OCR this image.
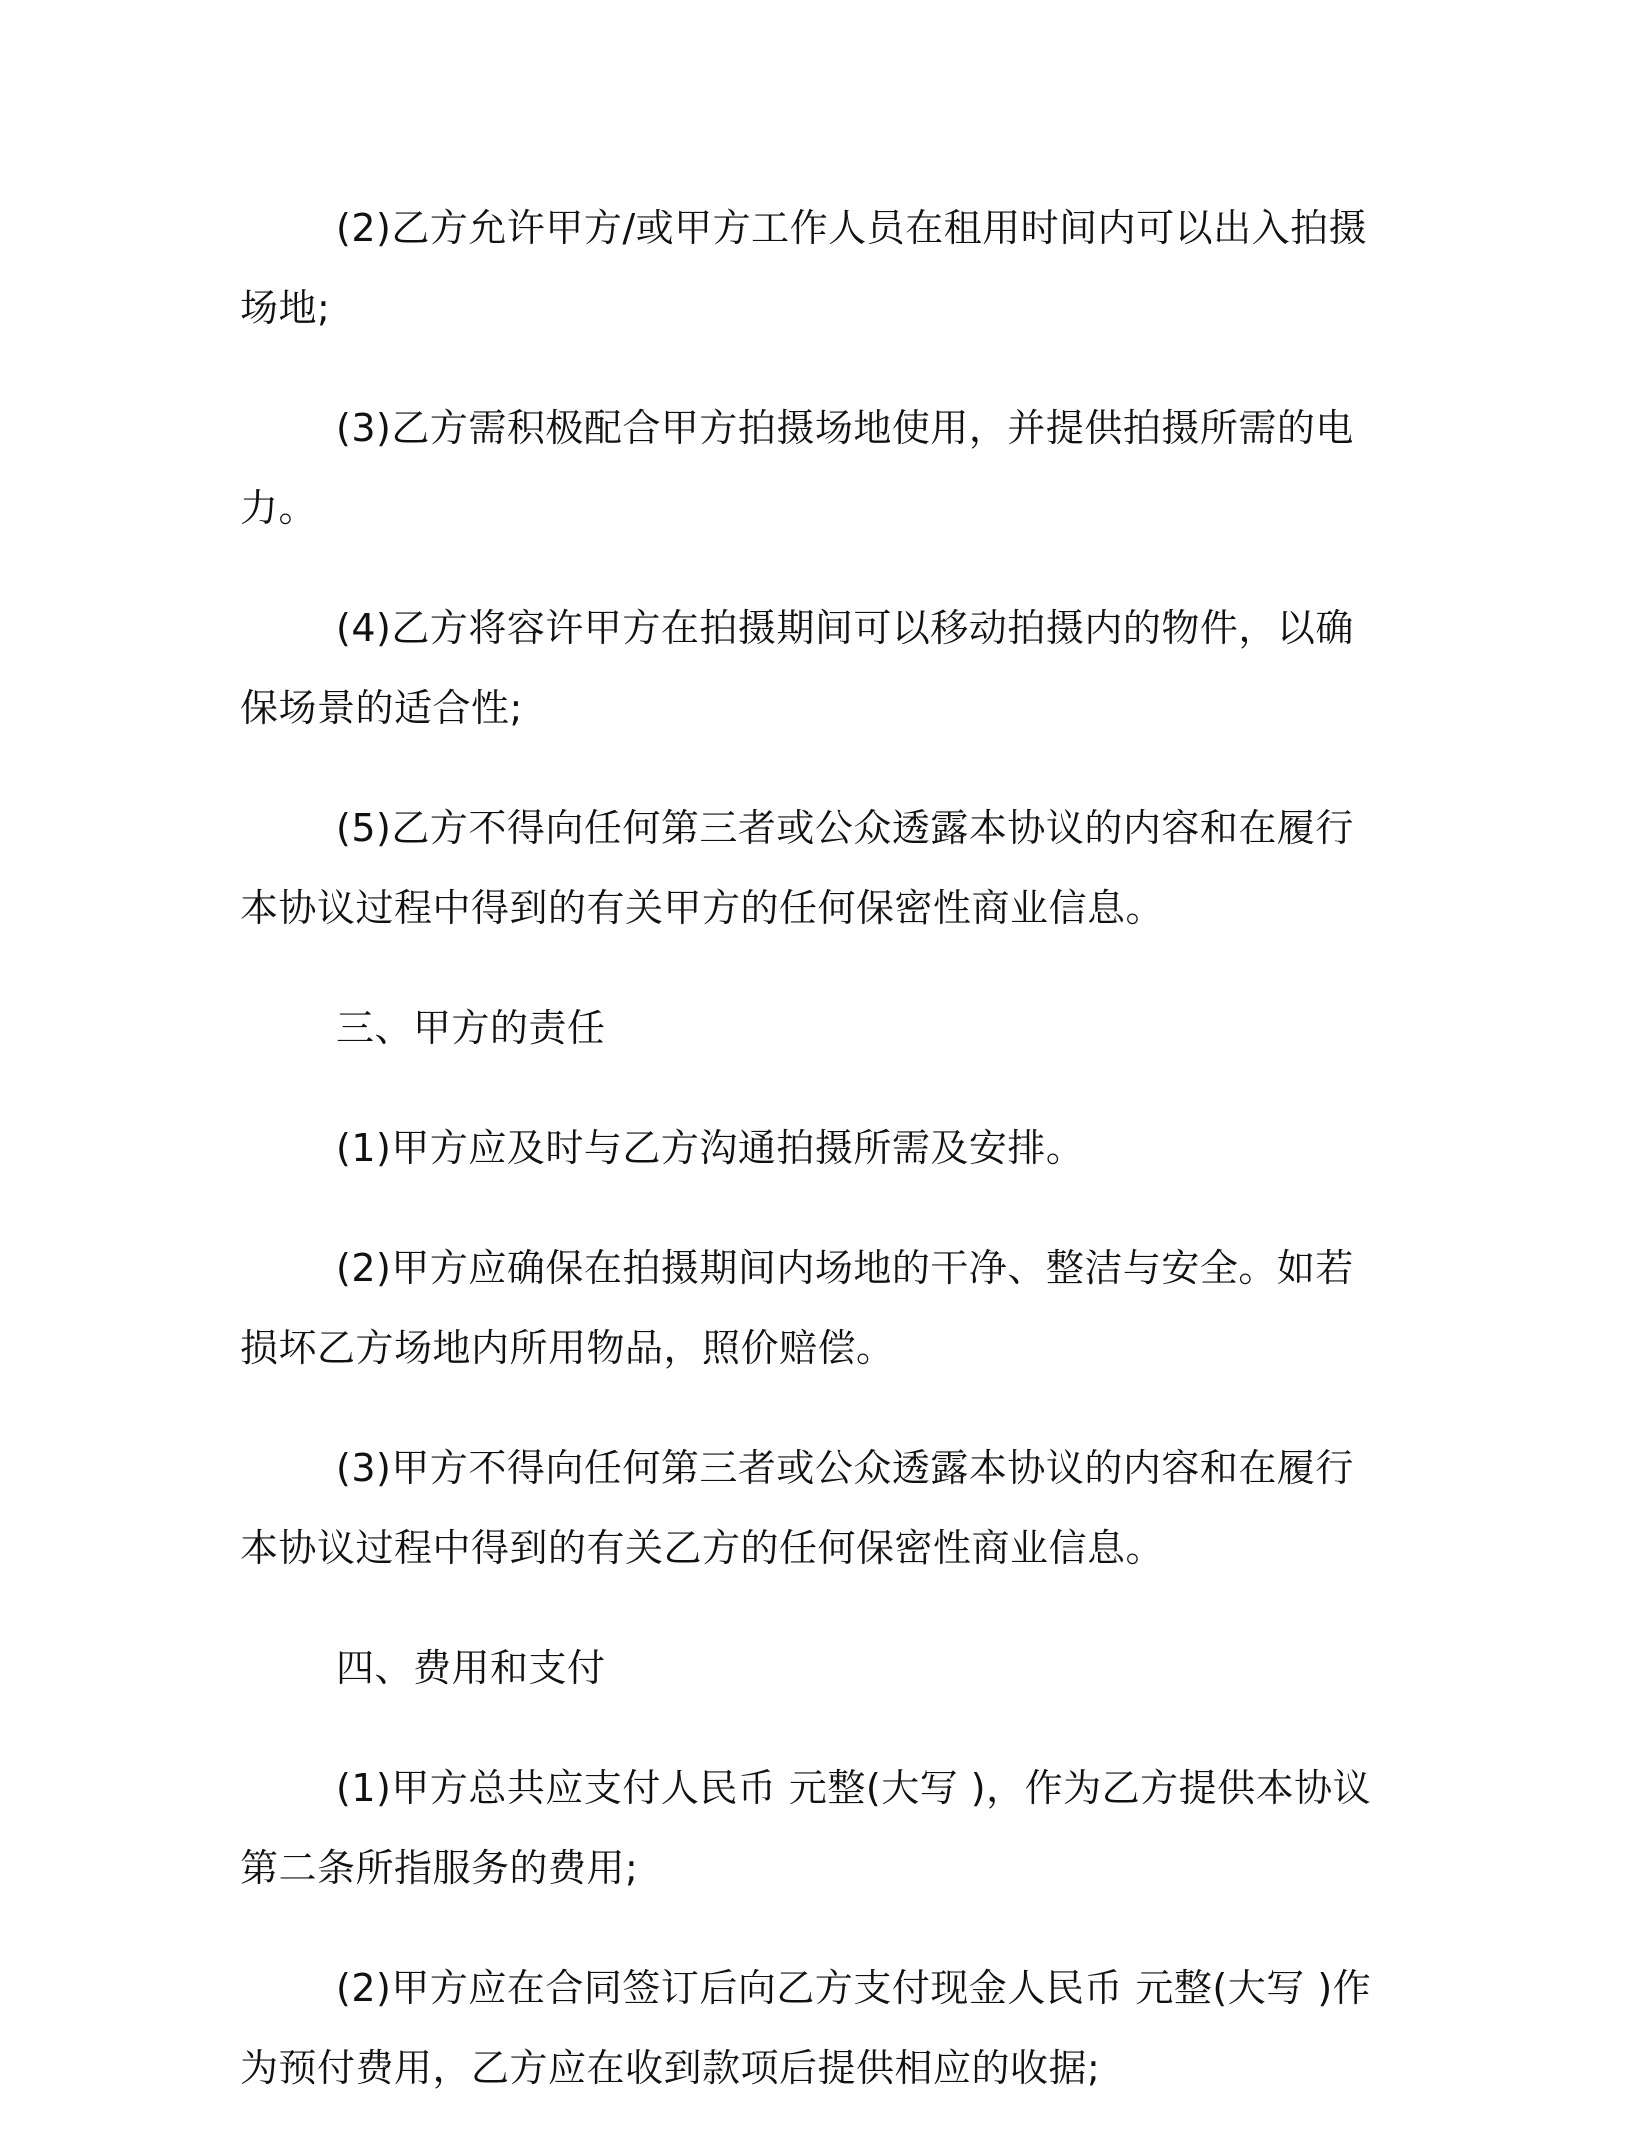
(2)乙方允许甲方/或甲方工作人员在租用时间内可以出入拍摄场地;

(3)乙方需积极配合甲方拍摄场地使用，并提供拍摄所需的电力。

(4)乙方将容许甲方在拍摄期间可以移动拍摄内的物件，以确保场景的适合性;

(5)乙方不得向任何第三者或公众透露本协议的内容和在履行本协议过程中得到的有关甲方的任何保密性商业信息。

三、甲方的责任

(1)甲方应及时与乙方沟通拍摄所需及安排。

(2)甲方应确保在拍摄期间内场地的干净、整洁与安全。如若损坏乙方场地内所用物品，照价赔偿。

(3)甲方不得向任何第三者或公众透露本协议的内容和在履行本协议过程中得到的有关乙方的任何保密性商业信息。

四、费用和支付

(1)甲方总共应支付人民币 元整(大写 )，作为乙方提供本协议第二条所指服务的费用;

(2)甲方应在合同签订后向乙方支付现金人民币 元整(大写 )作为预付费用，乙方应在收到款项后提供相应的收据;
